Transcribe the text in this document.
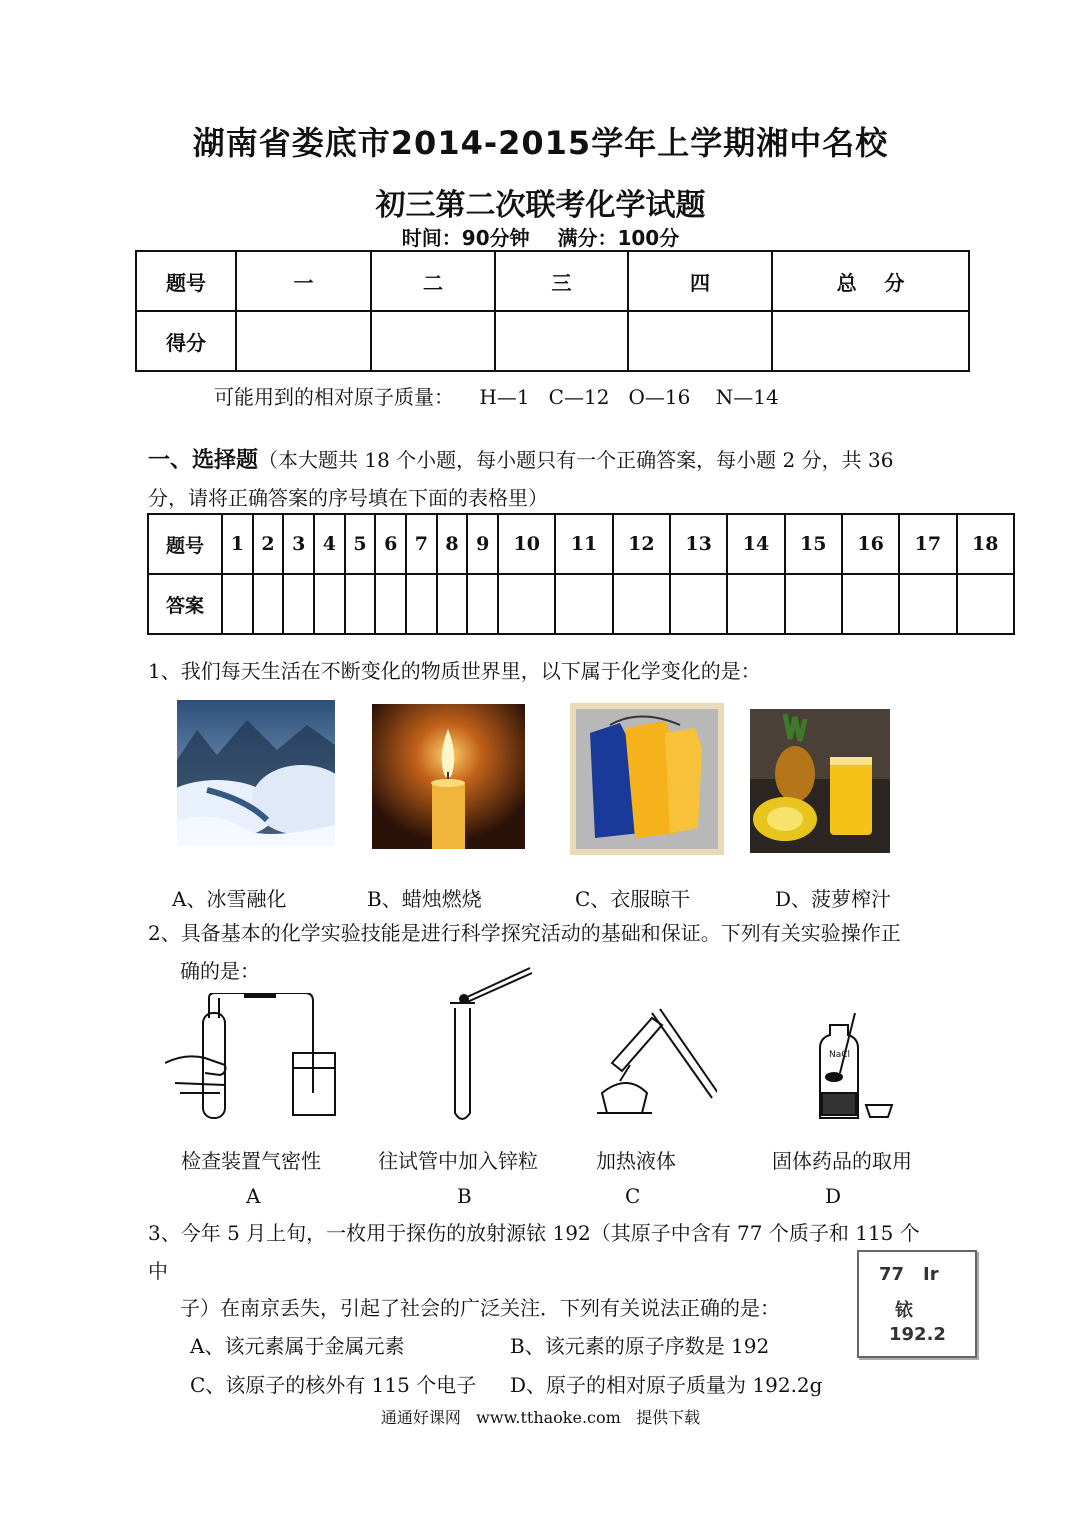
湖南省娄底市2014-2015学年上学期湘中名校
初三第二次联考化学试题
时间：90分钟    满分：100分
题号	一	二	三	四	总    分
得分					
可能用到的相对原子质量：    H—1   C—12   O—16    N—14
一、选择题（本大题共 18 个小题，每小题只有一个正确答案，每小题 2 分，共 36
分，请将正确答案的序号填在下面的表格里）
题号	1	2	3	4	5	6	7	8	9	10	11	12	13	14	15	16	17	18
答案																		
1、我们每天生活在不断变化的物质世界里，以下属于化学变化的是：
A、冰雪融化	B、蜡烛燃烧	C、衣服晾干	D、菠萝榨汁
2、具备基本的化学实验技能是进行科学探究活动的基础和保证。下列有关实验操作正
确的是：
NaCl
检查装置气密性	往试管中加入锌粒	加热液体	固体药品的取用
A	B	C	D
3、今年 5 月上旬，一枚用于探伤的放射源铱 192（其原子中含有 77 个质子和 115 个
中
子）在南京丢失，引起了社会的广泛关注．下列有关说法正确的是：
A、该元素属于金属元素	B、该元素的原子序数是 192
C、该原子的核外有 115 个电子 D、原子的相对原子质量为 192.2g
77 Ir
铱
192.2
通通好课网   www.tthaoke.com   提供下载
